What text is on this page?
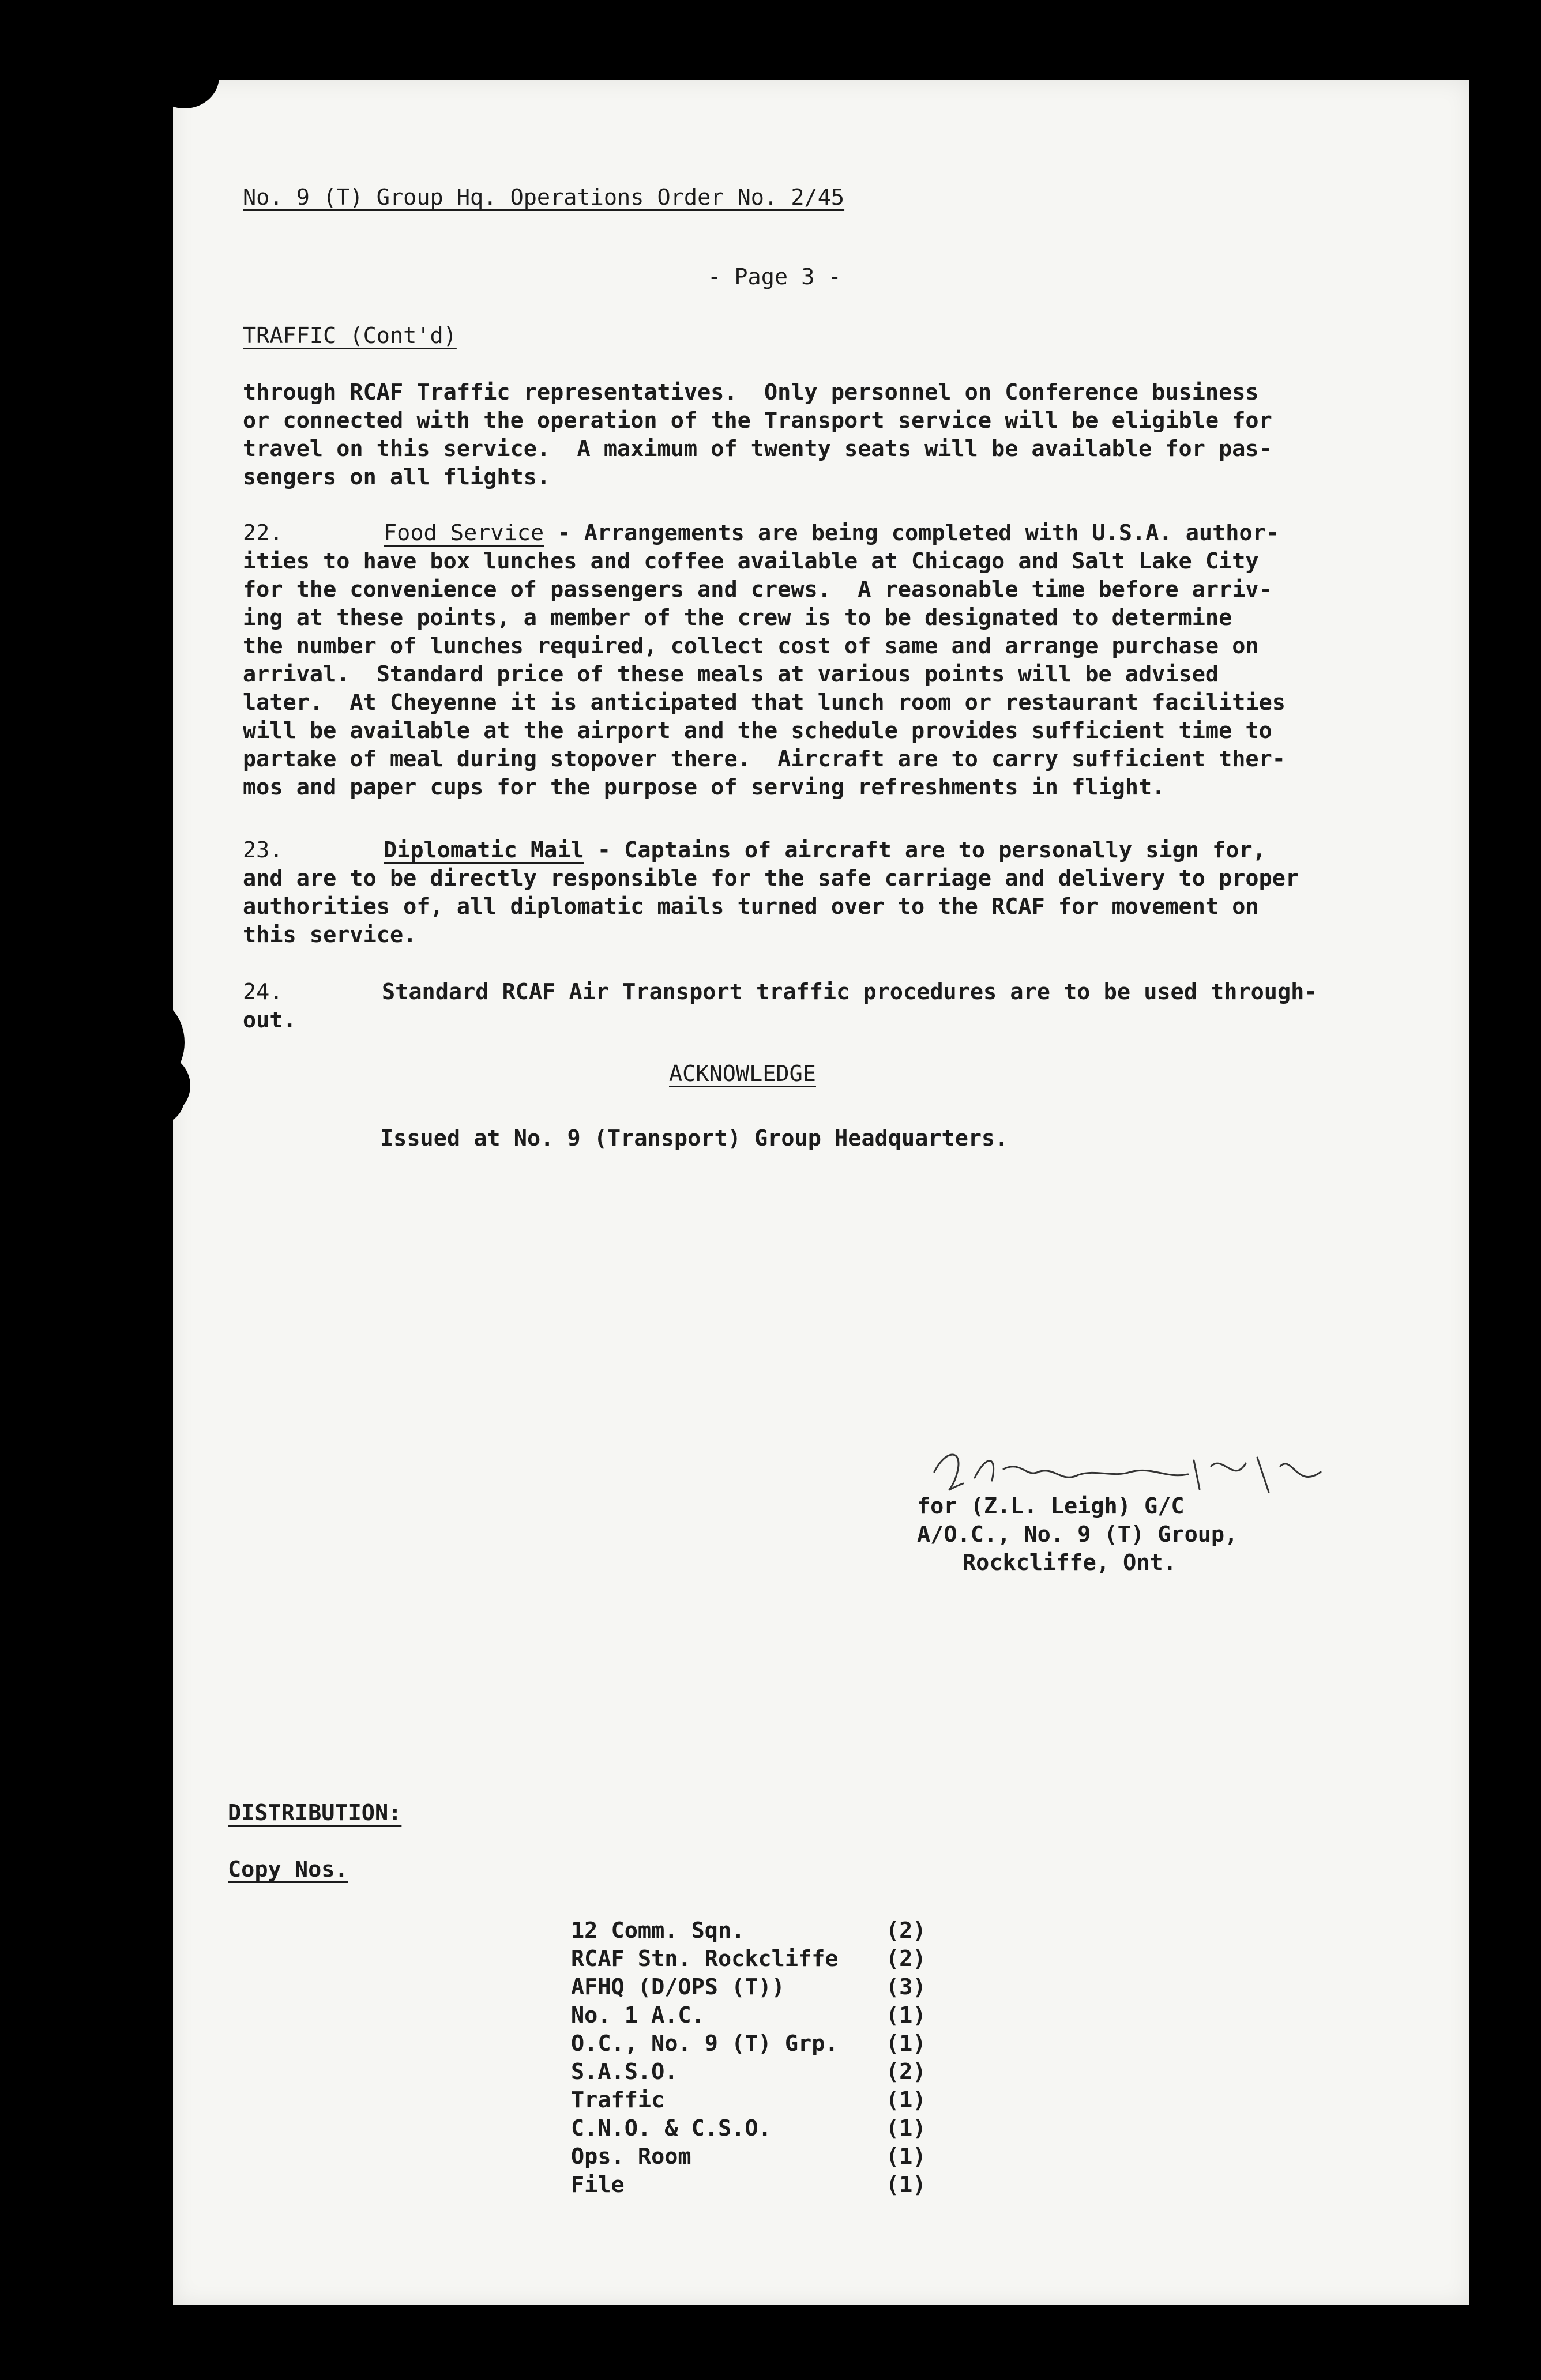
No. 9 (T) Group Hq. Operations Order No. 2/45
- Page 3 -
TRAFFIC (Cont'd)
through RCAF Traffic representatives.  Only personnel on Conference business
or connected with the operation of the Transport service will be eligible for
travel on this service.  A maximum of twenty seats will be available for pas-
sengers on all flights.
22.	Food Service - Arrangements are being completed with U.S.A. author-
ities to have box lunches and coffee available at Chicago and Salt Lake City
for the convenience of passengers and crews.  A reasonable time before arriv-
ing at these points, a member of the crew is to be designated to determine
the number of lunches required, collect cost of same and arrange purchase on
arrival.  Standard price of these meals at various points will be advised
later.  At Cheyenne it is anticipated that lunch room or restaurant facilities
will be available at the airport and the schedule provides sufficient time to
partake of meal during stopover there.  Aircraft are to carry sufficient ther-
mos and paper cups for the purpose of serving refreshments in flight.
23.	Diplomatic Mail - Captains of aircraft are to personally sign for,
and are to be directly responsible for the safe carriage and delivery to proper
authorities of, all diplomatic mails turned over to the RCAF for movement on
this service.
24.	Standard RCAF Air Transport traffic procedures are to be used through-
out.
ACKNOWLEDGE
Issued at No. 9 (Transport) Group Headquarters.
for (Z.L. Leigh) G/C
A/O.C., No. 9 (T) Group,
Rockcliffe, Ont.
DISTRIBUTION:
Copy Nos.
12 Comm. Sqn.	(2)
RCAF Stn. Rockcliffe (2)
AFHQ (D/OPS (T))	(3)
No. 1 A.C.	(1)
O.C., No. 9 (T) Grp. (1)
S.A.S.O.	(2)
Traffic	(1)
C.N.O. & C.S.O.	(1)
Ops. Room	(1)
File	(1)
